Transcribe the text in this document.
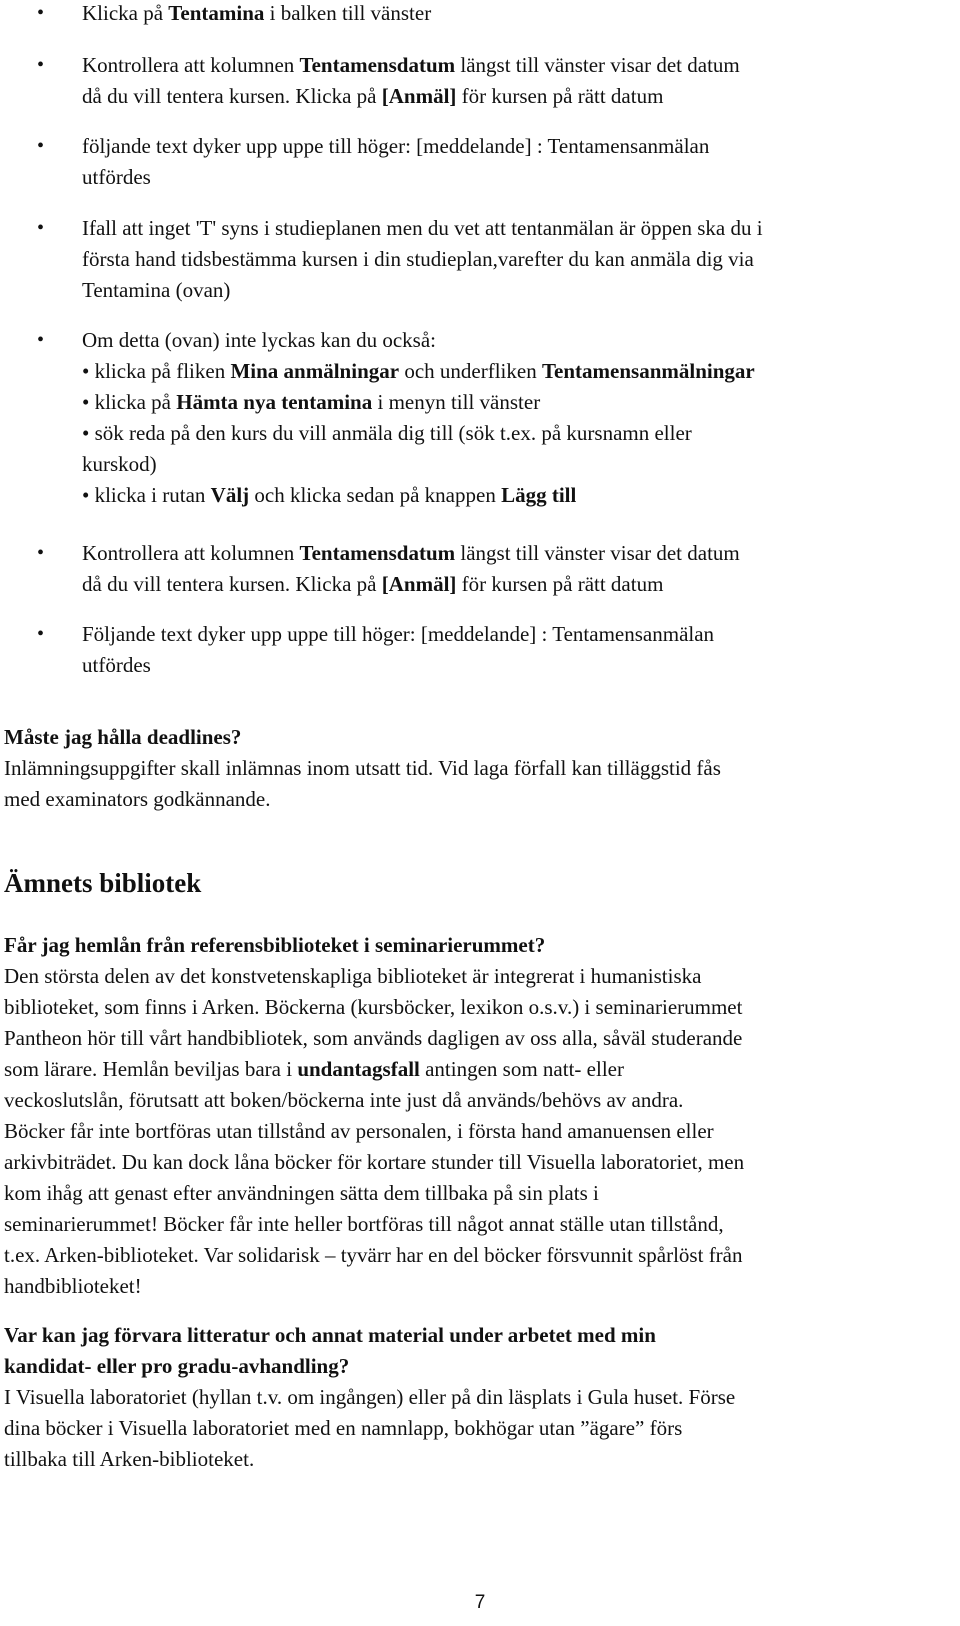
• Klicka på Tentamina i balken till vänster
• Kontrollera att kolumnen Tentamensdatum längst till vänster visar det datum
då du vill tentera kursen. Klicka på [Anmäl] för kursen på rätt datum
• följande text dyker upp uppe till höger: [meddelande] : Tentamensanmälan
utfördes
• Ifall att inget 'T' syns i studieplanen men du vet att tentanmälan är öppen ska du i
första hand tidsbestämma kursen i din studieplan,varefter du kan anmäla dig via
Tentamina (ovan)
• Om detta (ovan) inte lyckas kan du också:
• klicka på fliken Mina anmälningar och underfliken Tentamensanmälningar
• klicka på Hämta nya tentamina i menyn till vänster
• sök reda på den kurs du vill anmäla dig till (sök t.ex. på kursnamn eller
kurskod)
• klicka i rutan Välj och klicka sedan på knappen Lägg till
• Kontrollera att kolumnen Tentamensdatum längst till vänster visar det datum
då du vill tentera kursen. Klicka på [Anmäl] för kursen på rätt datum
• Följande text dyker upp uppe till höger: [meddelande] : Tentamensanmälan
utfördes
Måste jag hålla deadlines?
Inlämningsuppgifter skall inlämnas inom utsatt tid. Vid laga förfall kan tilläggstid fås
med examinators godkännande.
Ämnets bibliotek
Får jag hemlån från referensbiblioteket i seminarierummet?
Den största delen av det konstvetenskapliga biblioteket är integrerat i humanistiska
biblioteket, som finns i Arken. Böckerna (kursböcker, lexikon o.s.v.) i seminarierummet
Pantheon hör till vårt handbibliotek, som används dagligen av oss alla, såväl studerande
som lärare. Hemlån beviljas bara i undantagsfall antingen som natt- eller
veckoslutslån, förutsatt att boken/böckerna inte just då används/behövs av andra.
Böcker får inte bortföras utan tillstånd av personalen, i första hand amanuensen eller
arkivbiträdet. Du kan dock låna böcker för kortare stunder till Visuella laboratoriet, men
kom ihåg att genast efter användningen sätta dem tillbaka på sin plats i
seminarierummet! Böcker får inte heller bortföras till något annat ställe utan tillstånd,
t.ex. Arken-biblioteket. Var solidarisk – tyvärr har en del böcker försvunnit spårlöst från
handbiblioteket!
Var kan jag förvara litteratur och annat material under arbetet med min
kandidat- eller pro gradu-avhandling?
I Visuella laboratoriet (hyllan t.v. om ingången) eller på din läsplats i Gula huset. Förse
dina böcker i Visuella laboratoriet med en namnlapp, bokhögar utan ”ägare” förs
tillbaka till Arken-biblioteket.
7
